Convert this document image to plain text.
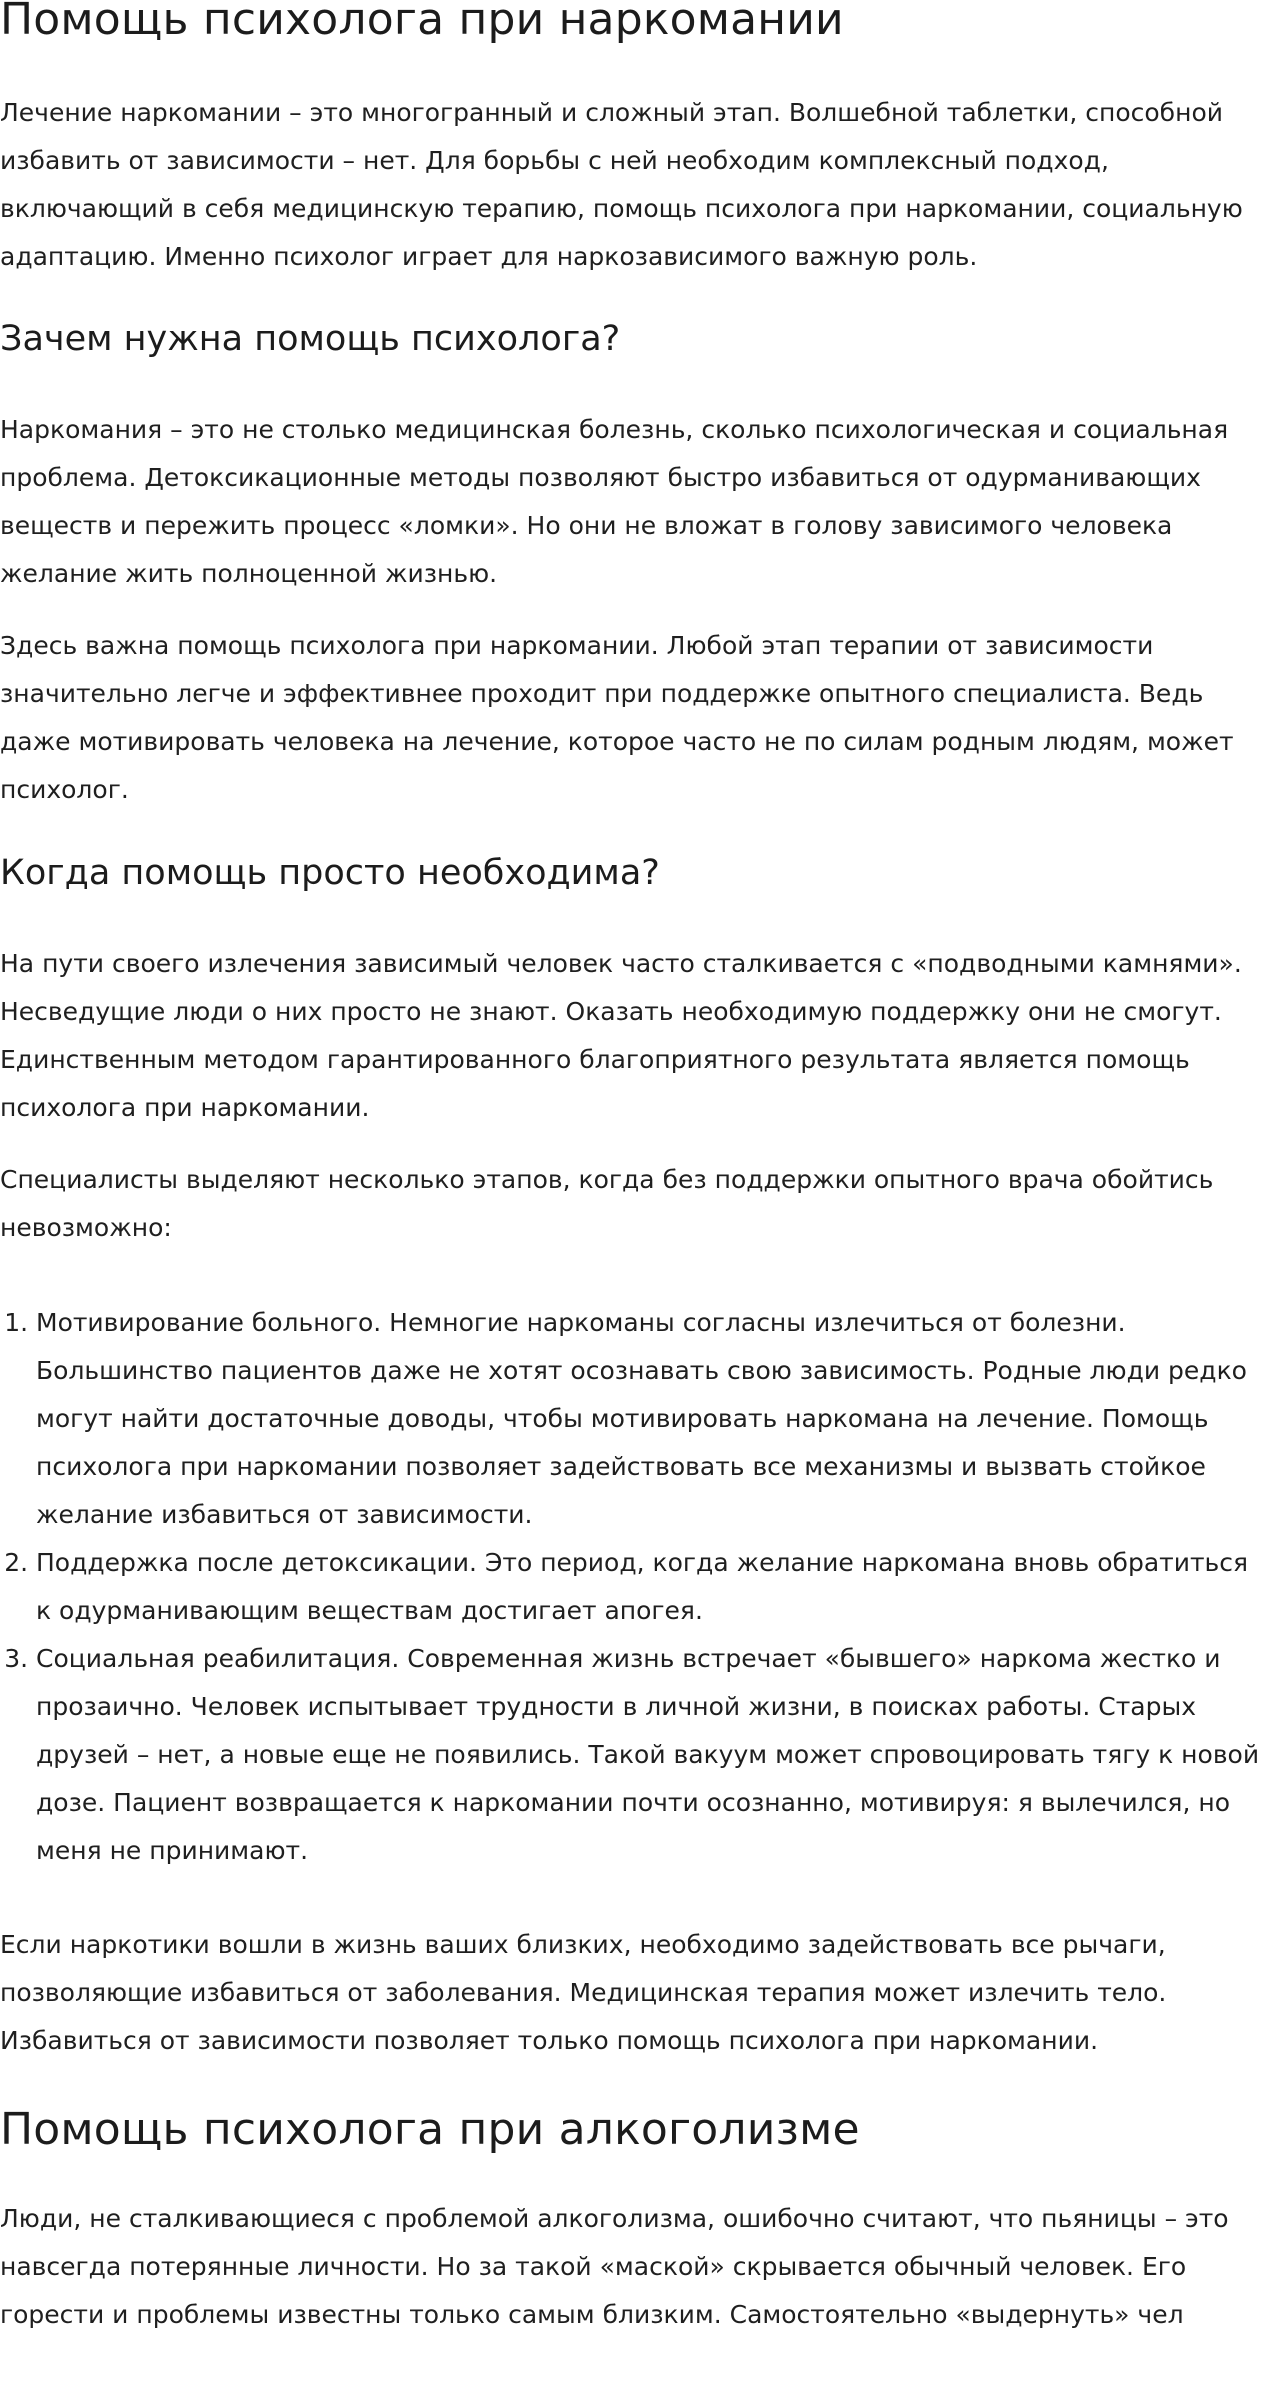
Помощь психолога при наркомании

Лечение наркомании – это многогранный и сложный этап. Волшебной таблетки, способной избавить от зависимости – нет. Для борьбы с ней необходим комплексный подход, включающий в себя медицинскую терапию, помощь психолога при наркомании, социальную адаптацию. Именно психолог играет для наркозависимого важную роль.

Зачем нужна помощь психолога?

Наркомания – это не столько медицинская болезнь, сколько психологическая и социальная проблема. Детоксикационные методы позволяют быстро избавиться от одурманивающих веществ и пережить процесс «ломки». Но они не вложат в голову зависимого человека желание жить полноценной жизнью.

Здесь важна помощь психолога при наркомании. Любой этап терапии от зависимости значительно легче и эффективнее проходит при поддержке опытного специалиста. Ведь даже мотивировать человека на лечение, которое часто не по силам родным людям, может психолог.

Когда помощь просто необходима?

На пути своего излечения зависимый человек часто сталкивается с «подводными камнями». Несведущие люди о них просто не знают. Оказать необходимую поддержку они не смогут. Единственным методом гарантированного благоприятного результата является помощь психолога при наркомании.

Специалисты выделяют несколько этапов, когда без поддержки опытного врача обойтись невозможно:

1. Мотивирование больного. Немногие наркоманы согласны излечиться от болезни. Большинство пациентов даже не хотят осознавать свою зависимость. Родные люди редко могут найти достаточные доводы, чтобы мотивировать наркомана на лечение. Помощь психолога при наркомании позволяет задействовать все механизмы и вызвать стойкое желание избавиться от зависимости.
2. Поддержка после детоксикации. Это период, когда желание наркомана вновь обратиться к одурманивающим веществам достигает апогея.
3. Социальная реабилитация. Современная жизнь встречает «бывшего» наркома жестко и прозаично. Человек испытывает трудности в личной жизни, в поисках работы. Старых друзей – нет, а новые еще не появились. Такой вакуум может спровоцировать тягу к новой дозе. Пациент возвращается к наркомании почти осознанно, мотивируя: я вылечился, но меня не принимают.

Если наркотики вошли в жизнь ваших близких, необходимо задействовать все рычаги, позволяющие избавиться от заболевания. Медицинская терапия может излечить тело. Избавиться от зависимости позволяет только помощь психолога при наркомании.

Помощь психолога при алкоголизме

Люди, не сталкивающиеся с проблемой алкоголизма, ошибочно считают, что пьяницы – это навсегда потерянные личности. Но за такой «маской» скрывается обычный человек. Его горести и проблемы известны только самым близким. Самостоятельно «выдернуть» чел
